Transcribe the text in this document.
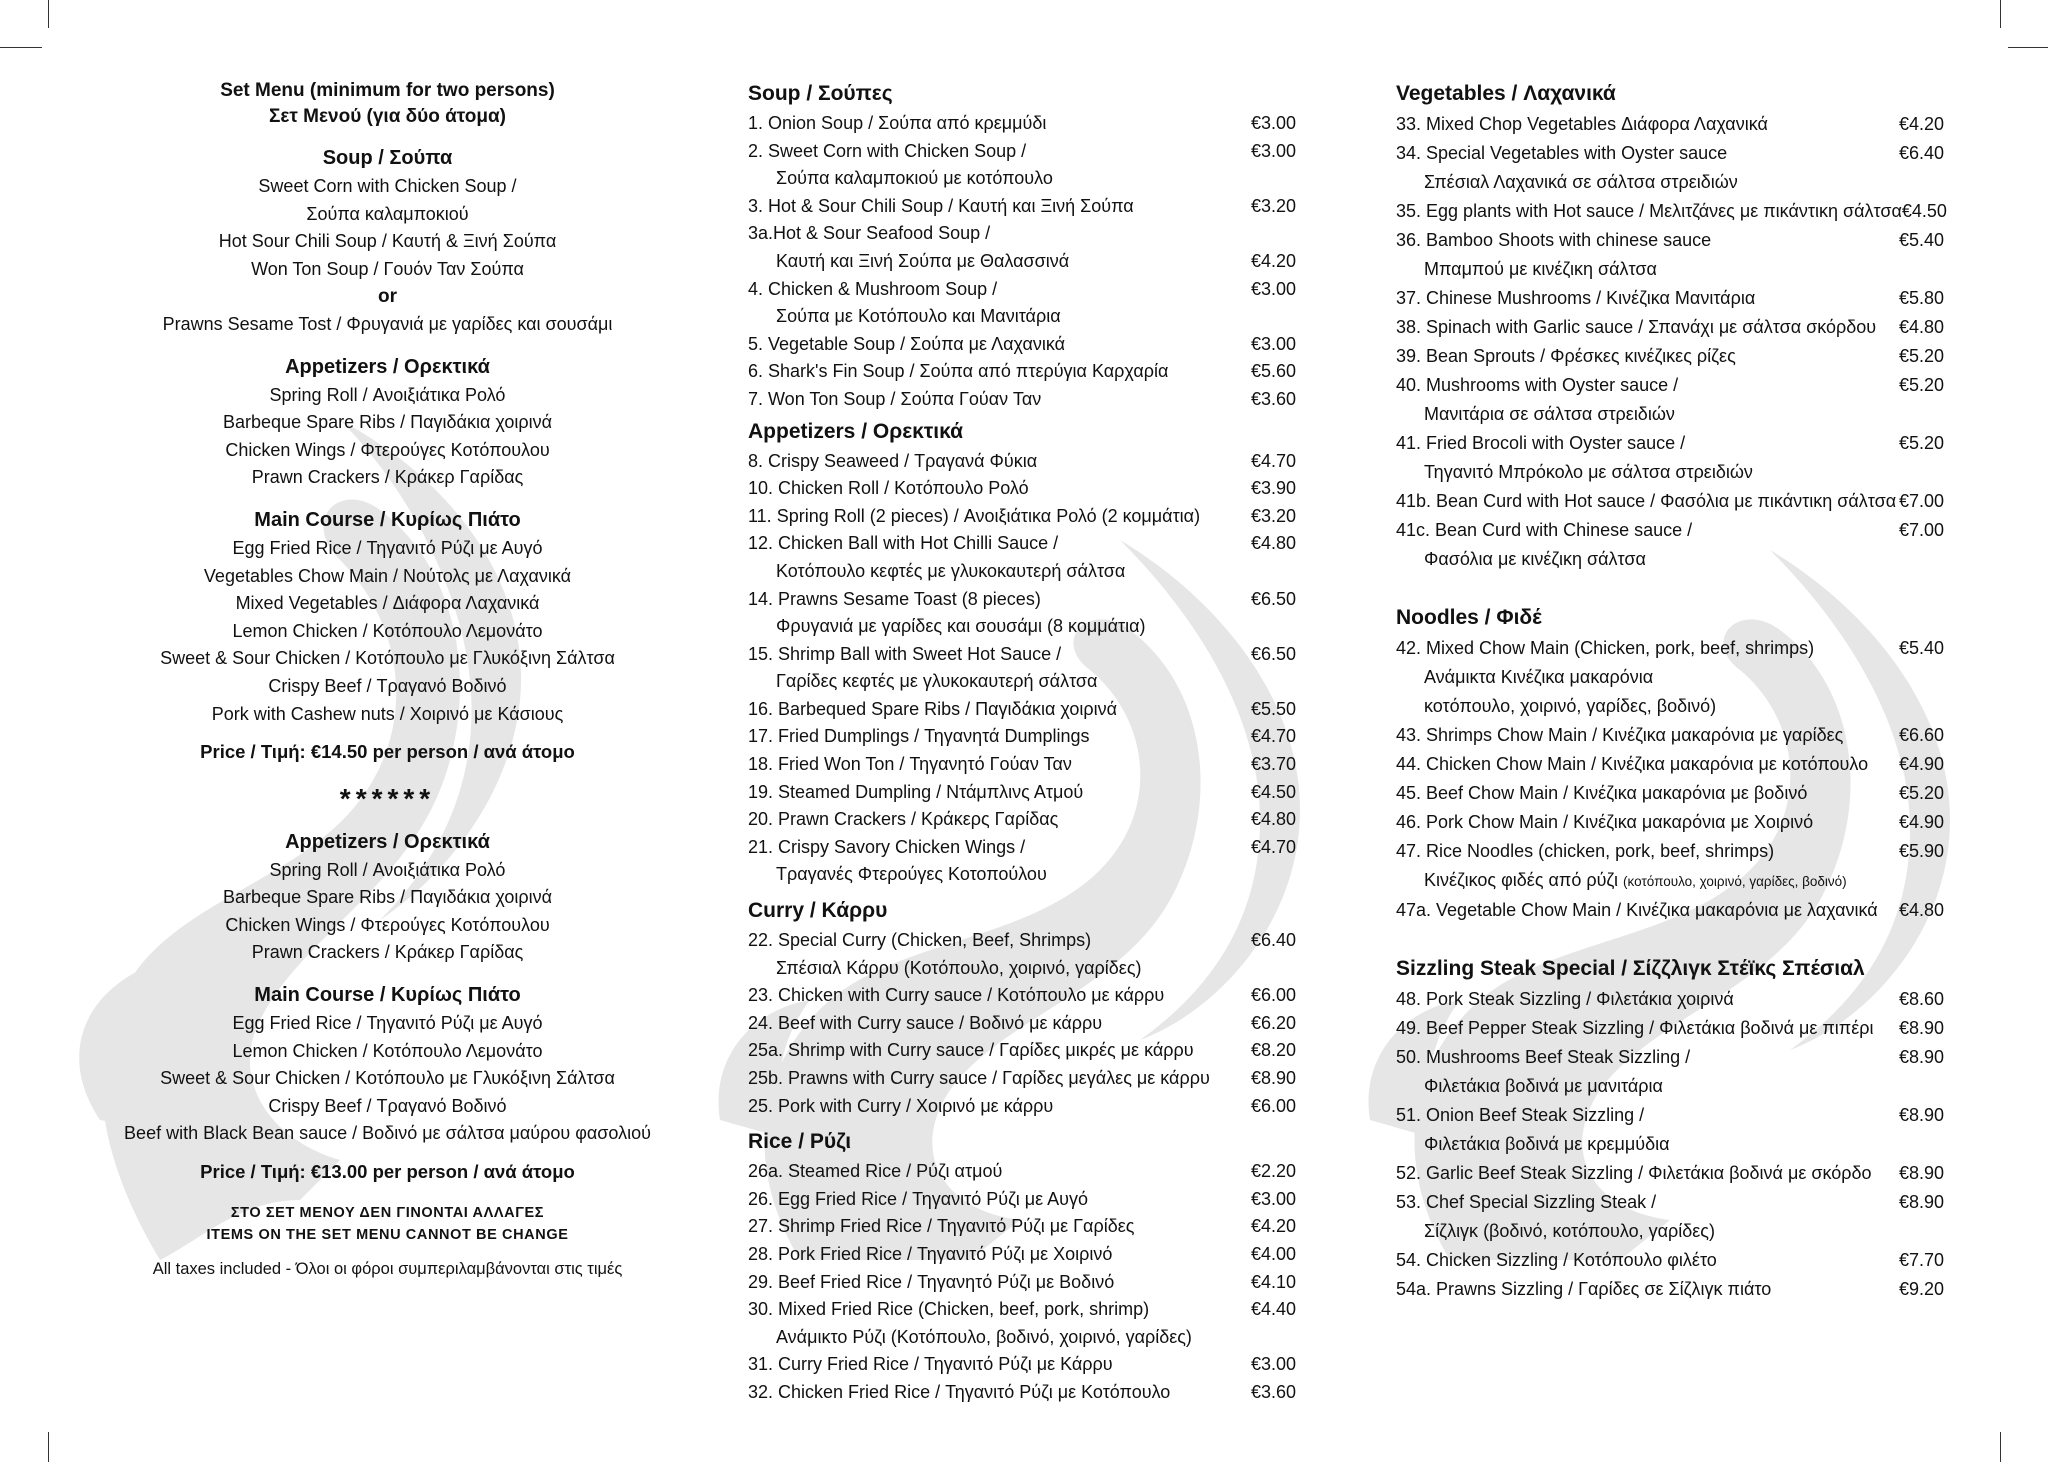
Set Menu (minimum for two persons)
Σετ Μενού (για δύο άτομα)
Soup / Σούπα
Sweet Corn with Chicken Soup /
Σούπα καλαμποκιού
Hot Sour Chili Soup / Καυτή & Ξινή Σούπα
Won Ton Soup / Γουόν Ταν Σούπα
or
Prawns Sesame Tost / Φρυγανιά με γαρίδες και σουσάμι
Appetizers / Ορεκτικά
Spring Roll / Ανοιξιάτικα Ρολό
Barbeque Spare Ribs / Παγιδάκια χοιρινά
Chicken Wings / Φτερούγες Κοτόπουλου
Prawn Crackers / Κράκερ Γαρίδας
Main Course / Κυρίως Πιάτο
Egg Fried Rice / Τηγανιτό Ρύζι με Αυγό
Vegetables Chow Main / Νούτολς με Λαχανικά
Mixed Vegetables / Διάφορα Λαχανικά
Lemon Chicken / Κοτόπουλο Λεμονάτο
Sweet & Sour Chicken / Κοτόπουλο με Γλυκόξινη Σάλτσα
Crispy Beef / Τραγανό Βοδινό
Pork with Cashew nuts / Χοιρινό με Κάσιους
Price / Τιμή: €14.50 per person / ανά άτομο
******
Appetizers / Ορεκτικά
Spring Roll / Ανοιξιάτικα Ρολό
Barbeque Spare Ribs / Παγιδάκια χοιρινά
Chicken Wings / Φτερούγες Κοτόπουλου
Prawn Crackers / Κράκερ Γαρίδας
Main Course / Κυρίως Πιάτο
Egg Fried Rice / Τηγανιτό Ρύζι με Αυγό
Lemon Chicken / Κοτόπουλο Λεμονάτο
Sweet & Sour Chicken / Κοτόπουλο με Γλυκόξινη Σάλτσα
Crispy Beef / Τραγανό Βοδινό
Beef with Black Bean sauce / Βοδινό με σάλτσα μαύρου φασολιού
Price / Τιμή: €13.00 per person / ανά άτομο
ΣΤΟ ΣΕΤ ΜΕΝΟΥ ΔΕΝ ΓΙΝΟΝΤΑΙ ΑΛΛΑΓΕΣ
ITEMS ON THE SET MENU CANNOT BE CHANGE
All taxes included - Όλοι οι φόροι συμπεριλαμβάνονται στις τιμές
Soup / Σούπες
1. Onion Soup / Σούπα από κρεμμύδι	€3.00
2. Sweet Corn with Chicken Soup /	€3.00
Σούπα καλαμποκιού με κοτόπουλο
3. Hot & Sour Chili Soup / Καυτή και Ξινή Σούπα	€3.20
3a.Hot & Sour Seafood Soup /
Καυτή και Ξινή Σούπα με Θαλασσινά	€4.20
4. Chicken & Mushroom Soup /	€3.00
Σούπα με Κοτόπουλο και Μανιτάρια
5. Vegetable Soup / Σούπα με Λαχανικά	€3.00
6. Shark's Fin Soup / Σούπα από πτερύγια Καρχαρία	€5.60
7. Won Ton Soup / Σούπα Γούαν Ταν	€3.60
Appetizers / Ορεκτικά
8. Crispy Seaweed / Τραγανά Φύκια	€4.70
10. Chicken Roll / Κοτόπουλο Ρολό	€3.90
11. Spring Roll (2 pieces) / Ανοιξιάτικα Ρολό (2 κομμάτια)	€3.20
12. Chicken Ball with Hot Chilli Sauce /	€4.80
Κοτόπουλο κεφτές με γλυκοκαυτερή σάλτσα
14. Prawns Sesame Toast (8 pieces)	€6.50
Φρυγανιά με γαρίδες και σουσάμι (8 κομμάτια)
15. Shrimp Ball with Sweet Hot Sauce /	€6.50
Γαρίδες κεφτές με γλυκοκαυτερή σάλτσα
16. Barbequed Spare Ribs / Παγιδάκια χοιρινά	€5.50
17. Fried Dumplings / Τηγανητά Dumplings	€4.70
18. Fried Won Ton / Τηγανητό Γούαν Ταν	€3.70
19. Steamed Dumpling / Ντάμπλινς Ατμού	€4.50
20. Prawn Crackers / Κράκερς Γαρίδας	€4.80
21. Crispy Savory Chicken Wings /	€4.70
Τραγανές Φτερούγες Κοτοπούλου
Curry / Κάρρυ
22. Special Curry (Chicken, Beef, Shrimps)	€6.40
Σπέσιαλ Κάρρυ (Κοτόπουλο, χοιρινό, γαρίδες)
23. Chicken with Curry sauce / Κοτόπουλο με κάρρυ	€6.00
24. Beef with Curry sauce / Βοδινό με κάρρυ	€6.20
25a. Shrimp with Curry sauce / Γαρίδες μικρές με κάρρυ	€8.20
25b. Prawns with Curry sauce / Γαρίδες μεγάλες με κάρρυ €8.90
25. Pork with Curry / Χοιρινό με κάρρυ	€6.00
Rice / Ρύζι
26a. Steamed Rice / Ρύζι ατμού	€2.20
26. Egg Fried Rice / Τηγανιτό Ρύζι με Αυγό	€3.00
27. Shrimp Fried Rice / Τηγανιτό Ρύζι με Γαρίδες	€4.20
28. Pork Fried Rice / Τηγανιτό Ρύζι με Χοιρινό	€4.00
29. Beef Fried Rice / Τηγανητό Ρύζι με Βοδινό	€4.10
30. Mixed Fried Rice (Chicken, beef, pork, shrimp)	€4.40
Ανάμικτο Ρύζι (Κοτόπουλο, βοδινό, χοιρινό, γαρίδες)
31. Curry Fried Rice / Τηγανιτό Ρύζι με Κάρρυ	€3.00
32. Chicken Fried Rice / Τηγανιτό Ρύζι με Κοτόπουλο	€3.60
Vegetables / Λαχανικά
33. Mixed Chop Vegetables Διάφορα Λαχανικά	€4.20
34. Special Vegetables with Oyster sauce	€6.40
Σπέσιαλ Λαχανικά σε σάλτσα στρειδιών
35. Egg plants with Hot sauce / Μελιτζάνες με πικάντικη σάλτσα €4.50
36. Bamboo Shoots with chinese sauce	€5.40
Μπαμπού με κινέζικη σάλτσα
37. Chinese Mushrooms / Κινέζικα Μανιτάρια	€5.80
38. Spinach with Garlic sauce / Σπανάχι με σάλτσα σκόρδου €4.80
39. Bean Sprouts / Φρέσκες κινέζικες ρίζες	€5.20
40. Mushrooms with Oyster sauce /	€5.20
Μανιτάρια σε σάλτσα στρειδιών
41. Fried Brocoli with Oyster sauce /	€5.20
Τηγανιτό Μπρόκολο με σάλτσα στρειδιών
41b. Bean Curd with Hot sauce / Φασόλια με πικάντικη σάλτσα €7.00
41c. Bean Curd with Chinese sauce /	€7.00
Φασόλια με κινέζικη σάλτσα
Noodles / Φιδέ
42. Mixed Chow Main (Chicken, pork, beef, shrimps)	€5.40
Ανάμικτα Κινέζικα μακαρόνια
κοτόπουλο, χοιρινό, γαρίδες, βοδινό)
43. Shrimps Chow Main / Κινέζικα μακαρόνια με γαρίδες	€6.60
44. Chicken Chow Main / Κινέζικα μακαρόνια με κοτόπουλο €4.90
45. Beef Chow Main / Κινέζικα μακαρόνια με βοδινό	€5.20
46. Pork Chow Main / Κινέζικα μακαρόνια με Χοιρινό	€4.90
47. Rice Noodles (chicken, pork, beef, shrimps)	€5.90
Κινέζικος φιδές από ρύζι (κοτόπουλο, χοιρινό, γαρίδες, βοδινό)
47a. Vegetable Chow Main / Κινέζικα μακαρόνια με λαχανικά €4.80
Sizzling Steak Special / Σίζζλιγκ Στέϊκς Σπέσιαλ
48. Pork Steak Sizzling / Φιλετάκια χοιρινά	€8.60
49. Beef Pepper Steak Sizzling / Φιλετάκια βοδινά με πιπέρι €8.90
50. Mushrooms Beef Steak Sizzling /	€8.90
Φιλετάκια βοδινά με μανιτάρια
51. Onion Beef Steak Sizzling /	€8.90
Φιλετάκια βοδινά με κρεμμύδια
52. Garlic Beef Steak Sizzling / Φιλετάκια βοδινά με σκόρδο €8.90
53. Chef Special Sizzling Steak /	€8.90
Σίζλιγκ (βοδινό, κοτόπουλο, γαρίδες)
54. Chicken Sizzling / Κοτόπουλο φιλέτο	€7.70
54a. Prawns Sizzling / Γαρίδες σε Σίζλιγκ πιάτο	€9.20
